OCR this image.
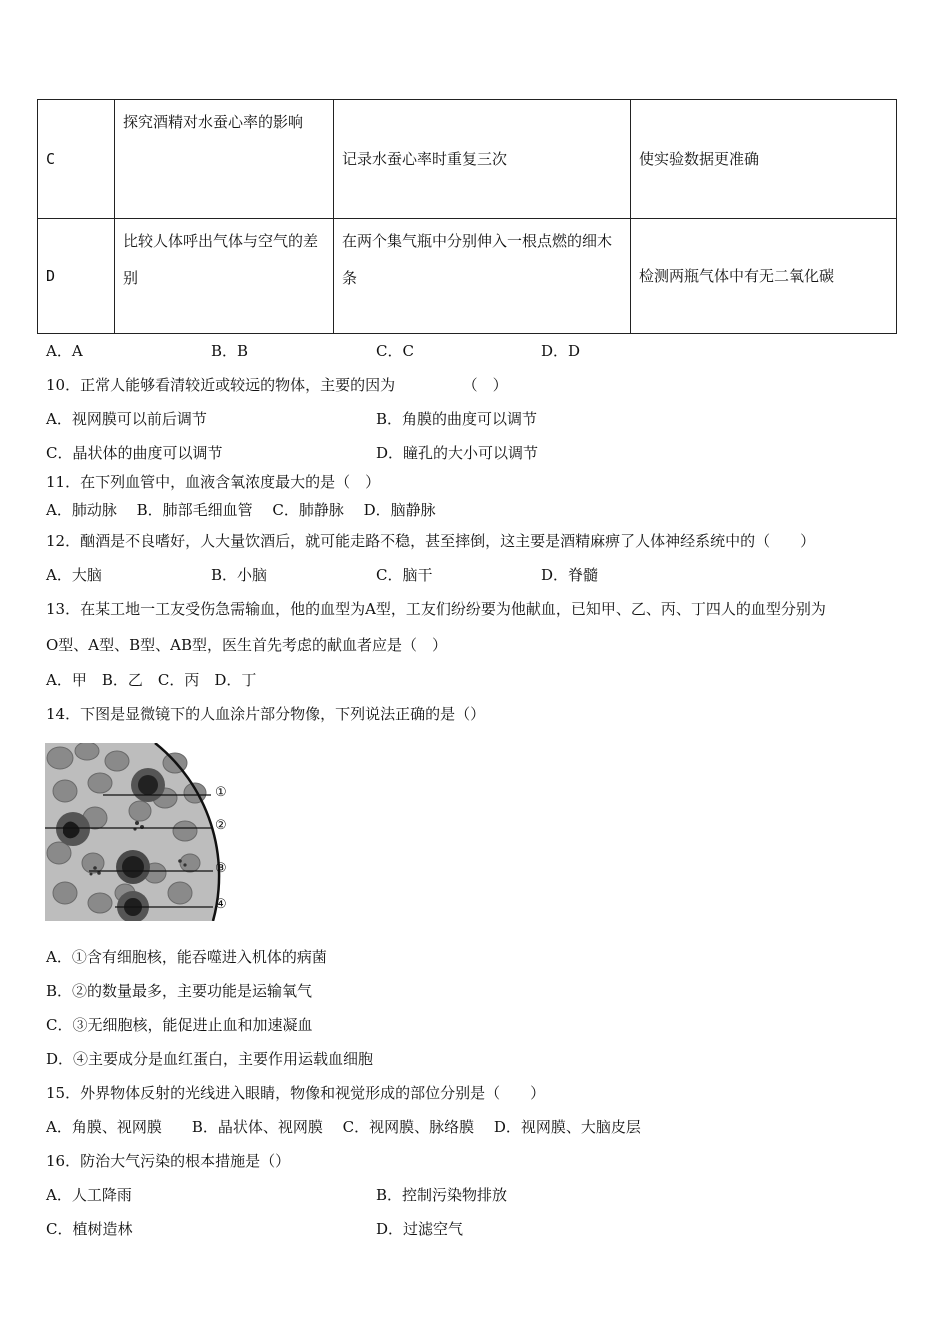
C	探究酒精对水蚕心率的影响	记录水蚕心率时重复三次	使实验数据更准确
D	比较人体呼出气体与空气的差别	在两个集气瓶中分别伸入一根点燃的细木条	检测两瓶气体中有无二氧化碳
A．A	B．B	C．C	D．D
10．正常人能够看清较近或较远的物体，主要的因为　　　　　（　）
A．视网膜可以前后调节	B．角膜的曲度可以调节
C．晶状体的曲度可以调节	D．瞳孔的大小可以调节
11．在下列血管中，血液含氧浓度最大的是（　）
A．肺动脉　 B．肺部毛细血管　 C．肺静脉　 D．脑静脉
12．酗酒是不良嗜好，人大量饮酒后，就可能走路不稳，甚至摔倒，这主要是酒精麻痹了人体神经系统中的（　　）
A．大脑	B．小脑	C．脑干	D．脊髓
13．在某工地一工友受伤急需输血，他的血型为A型，工友们纷纷要为他献血，已知甲、乙、丙、丁四人的血型分别为
O型、A型、B型、AB型，医生首先考虑的献血者应是（　）
A．甲　B．乙　C．丙　D．丁
14．下图是显微镜下的人血涂片部分物像，下列说法正确的是（）
①
②
③
④
A．①含有细胞核，能吞噬进入机体的病菌
B．②的数量最多，主要功能是运输氧气
C．③无细胞核，能促进止血和加速凝血
D．④主要成分是血红蛋白，主要作用运载血细胞
15．外界物体反射的光线进入眼睛，物像和视觉形成的部位分别是（　　）
A．角膜、视网膜　　B．晶状体、视网膜　 C．视网膜、脉络膜　 D．视网膜、大脑皮层
16．防治大气污染的根本措施是（）
A．人工降雨	B．控制污染物排放
C．植树造林	D．过滤空气
